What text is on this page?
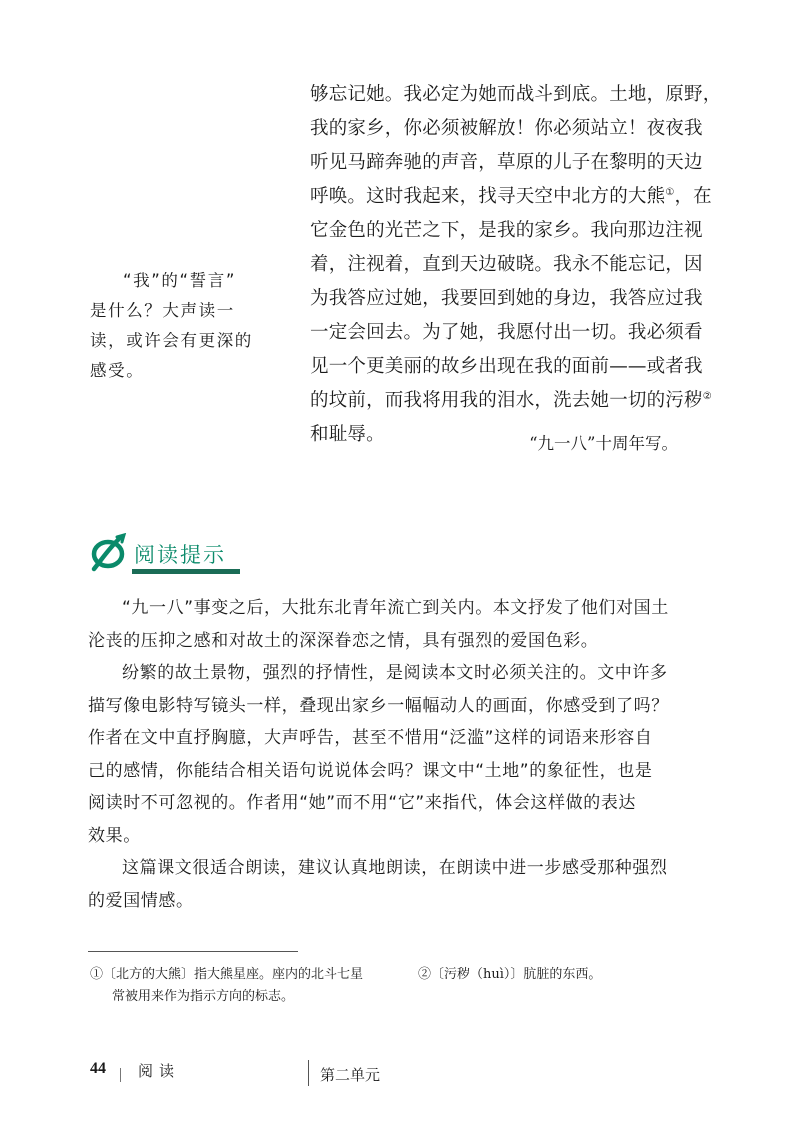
够忘记她。我必定为她而战斗到底。土地，原野，
我的家乡，你必须被解放！你必须站立！夜夜我
听见马蹄奔驰的声音，草原的儿子在黎明的天边
呼唤。这时我起来，找寻天空中北方的大熊①，在
它金色的光芒之下，是我的家乡。我向那边注视
着，注视着，直到天边破晓。我永不能忘记，因
为我答应过她，我要回到她的身边，我答应过我
一定会回去。为了她，我愿付出一切。我必须看
见一个更美丽的故乡出现在我的面前——或者我
的坟前，而我将用我的泪水，洗去她一切的污秽②
和耻辱。	“九一八”十周年写。
“我”的“誓言”
是什么？大声读一
读，或许会有更深的
感受。
阅读提示

“九一八”事变之后，大批东北青年流亡到关内。本文抒发了他们对国土
沦丧的压抑之感和对故土的深深眷恋之情，具有强烈的爱国色彩。

纷繁的故土景物，强烈的抒情性，是阅读本文时必须关注的。文中许多
描写像电影特写镜头一样，叠现出家乡一幅幅动人的画面，你感受到了吗？
作者在文中直抒胸臆，大声呼告，甚至不惜用“泛滥”这样的词语来形容自
己的感情，你能结合相关语句说说体会吗？课文中“土地”的象征性，也是
阅读时不可忽视的。作者用“她”而不用“它”来指代，体会这样做的表达
效果。

这篇课文很适合朗读，建议认真地朗读，在朗读中进一步感受那种强烈
的爱国情感。

①〔北方的大熊〕指大熊星座。座内的北斗七星
常被用来作为指示方向的标志。
②〔污秽（huì）〕肮脏的东西。
44 阅读	第二单元
